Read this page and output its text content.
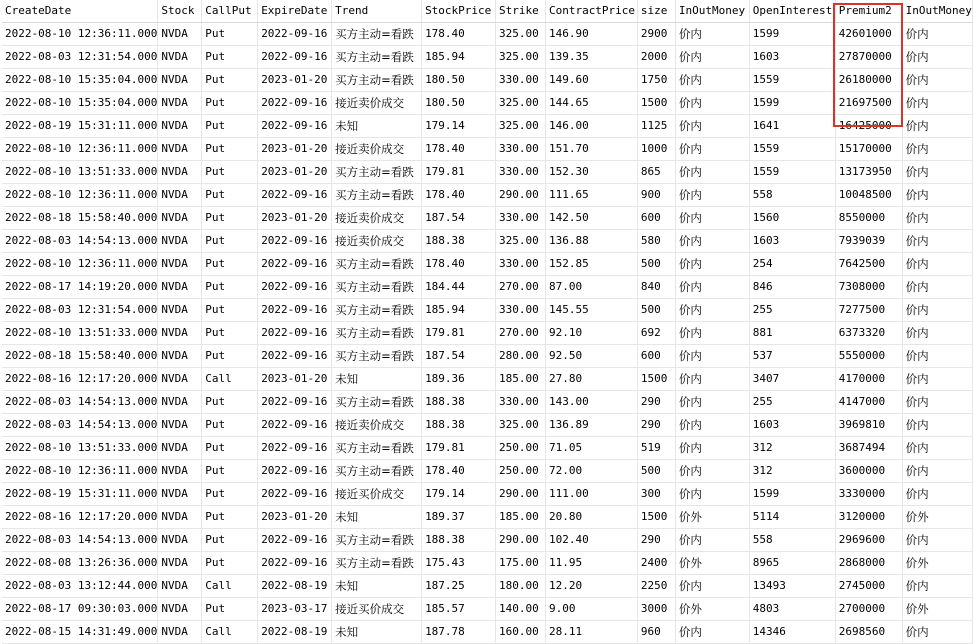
CreateDate	Stock	CallPut	ExpireDate	Trend	StockPrice	Strike	ContractPrice	size	InOutMoney	OpenInterest	Premium2	InOutMoney
2022-08-10 12:36:11.000	NVDA	Put	2022-09-16	买方主动=看跌	178.40	325.00	146.90	2900	价内	1599	42601000	价内
2022-08-03 12:31:54.000	NVDA	Put	2022-09-16	买方主动=看跌	185.94	325.00	139.35	2000	价内	1603	27870000	价内
2022-08-10 15:35:04.000	NVDA	Put	2023-01-20	买方主动=看跌	180.50	330.00	149.60	1750	价内	1559	26180000	价内
2022-08-10 15:35:04.000	NVDA	Put	2022-09-16	接近卖价成交	180.50	325.00	144.65	1500	价内	1599	21697500	价内
2022-08-19 15:31:11.000	NVDA	Put	2022-09-16	未知	179.14	325.00	146.00	1125	价内	1641	16425000	价内
2022-08-10 12:36:11.000	NVDA	Put	2023-01-20	接近卖价成交	178.40	330.00	151.70	1000	价内	1559	15170000	价内
2022-08-10 13:51:33.000	NVDA	Put	2023-01-20	买方主动=看跌	179.81	330.00	152.30	865	价内	1559	13173950	价内
2022-08-10 12:36:11.000	NVDA	Put	2022-09-16	买方主动=看跌	178.40	290.00	111.65	900	价内	558	10048500	价内
2022-08-18 15:58:40.000	NVDA	Put	2023-01-20	接近卖价成交	187.54	330.00	142.50	600	价内	1560	8550000	价内
2022-08-03 14:54:13.000	NVDA	Put	2022-09-16	接近卖价成交	188.38	325.00	136.88	580	价内	1603	7939039	价内
2022-08-10 12:36:11.000	NVDA	Put	2022-09-16	买方主动=看跌	178.40	330.00	152.85	500	价内	254	7642500	价内
2022-08-17 14:19:20.000	NVDA	Put	2022-09-16	买方主动=看跌	184.44	270.00	87.00	840	价内	846	7308000	价内
2022-08-03 12:31:54.000	NVDA	Put	2022-09-16	买方主动=看跌	185.94	330.00	145.55	500	价内	255	7277500	价内
2022-08-10 13:51:33.000	NVDA	Put	2022-09-16	买方主动=看跌	179.81	270.00	92.10	692	价内	881	6373320	价内
2022-08-18 15:58:40.000	NVDA	Put	2022-09-16	买方主动=看跌	187.54	280.00	92.50	600	价内	537	5550000	价内
2022-08-16 12:17:20.000	NVDA	Call	2023-01-20	未知	189.36	185.00	27.80	1500	价内	3407	4170000	价内
2022-08-03 14:54:13.000	NVDA	Put	2022-09-16	买方主动=看跌	188.38	330.00	143.00	290	价内	255	4147000	价内
2022-08-03 14:54:13.000	NVDA	Put	2022-09-16	接近卖价成交	188.38	325.00	136.89	290	价内	1603	3969810	价内
2022-08-10 13:51:33.000	NVDA	Put	2022-09-16	买方主动=看跌	179.81	250.00	71.05	519	价内	312	3687494	价内
2022-08-10 12:36:11.000	NVDA	Put	2022-09-16	买方主动=看跌	178.40	250.00	72.00	500	价内	312	3600000	价内
2022-08-19 15:31:11.000	NVDA	Put	2022-09-16	接近买价成交	179.14	290.00	111.00	300	价内	1599	3330000	价内
2022-08-16 12:17:20.000	NVDA	Put	2023-01-20	未知	189.37	185.00	20.80	1500	价外	5114	3120000	价外
2022-08-03 14:54:13.000	NVDA	Put	2022-09-16	买方主动=看跌	188.38	290.00	102.40	290	价内	558	2969600	价内
2022-08-08 13:26:36.000	NVDA	Put	2022-09-16	买方主动=看跌	175.43	175.00	11.95	2400	价外	8965	2868000	价外
2022-08-03 13:12:44.000	NVDA	Call	2022-08-19	未知	187.25	180.00	12.20	2250	价内	13493	2745000	价内
2022-08-17 09:30:03.000	NVDA	Put	2023-03-17	接近买价成交	185.57	140.00	9.00	3000	价外	4803	2700000	价外
2022-08-15 14:31:49.000	NVDA	Call	2022-08-19	未知	187.78	160.00	28.11	960	价内	14346	2698560	价内
